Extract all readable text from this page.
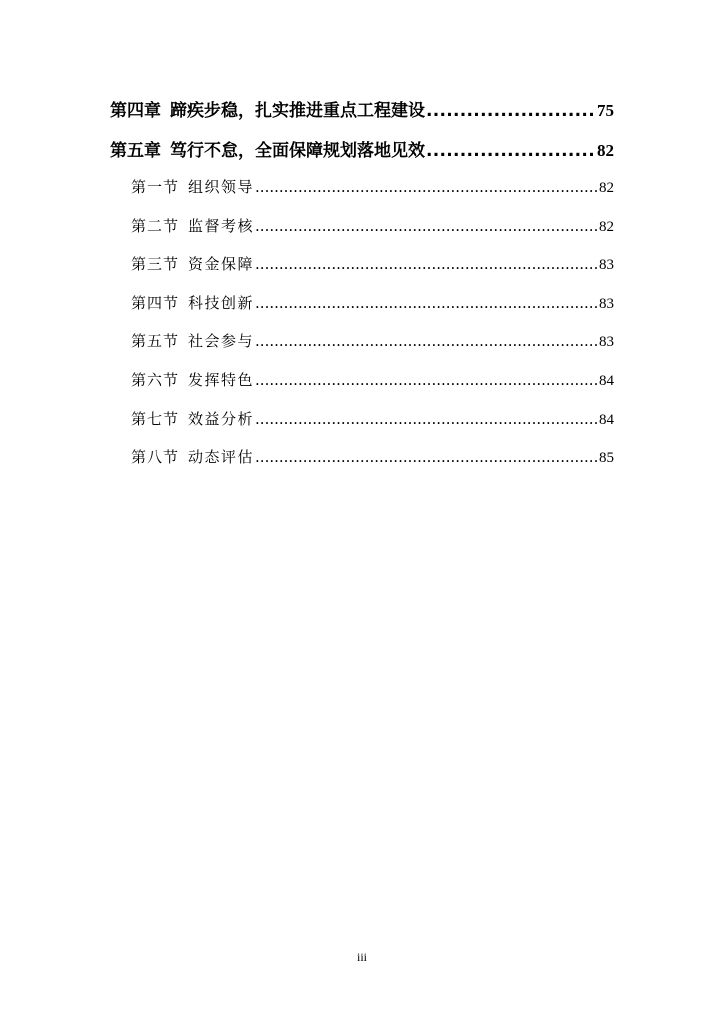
第四章 蹄疾步稳，扎实推进重点工程建设 .....	75
第五章 笃行不怠，全面保障规划落地见效 .....	82
第一节 组织领导 .....	82
第二节 监督考核 .....	82
第三节 资金保障 .....	83
第四节 科技创新 .....	83
第五节 社会参与 .....	83
第六节 发挥特色 .....	84
第七节 效益分析 .....	84
第八节 动态评估 .....	85
iii
